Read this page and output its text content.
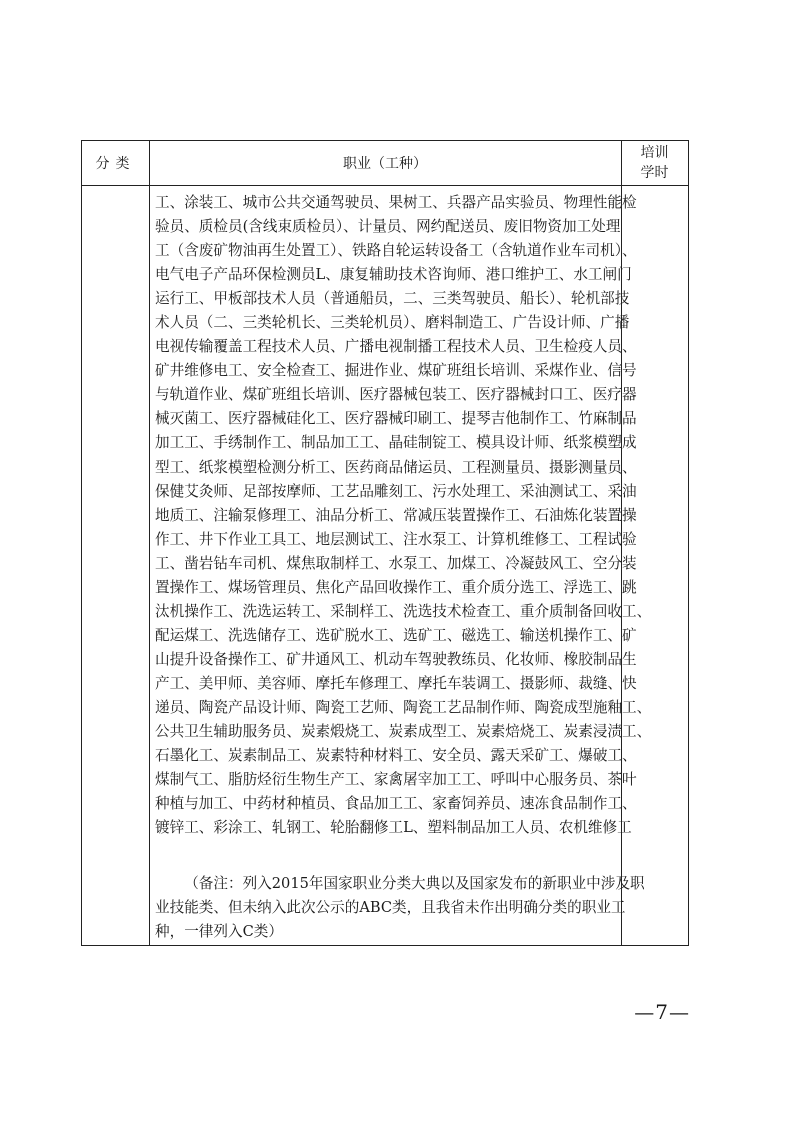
分类	职业（工种）
培训
学时
工、涂装工、城市公共交通驾驶员、果树工、兵器产品实验员、物理性能检
验员、质检员(含线束质检员）、计量员、网约配送员、废旧物资加工处理
工（含废矿物油再生处置工）、铁路自轮运转设备工（含轨道作业车司机）、
电气电子产品环保检测员L、康复辅助技术咨询师、港口维护工、水工闸门
运行工、甲板部技术人员（普通船员，二、三类驾驶员、船长）、轮机部技
术人员（二、三类轮机长、三类轮机员）、磨料制造工、广告设计师、广播
电视传输覆盖工程技术人员、广播电视制播工程技术人员、卫生检疫人员、
矿井维修电工、安全检查工、掘进作业、煤矿班组长培训、采煤作业、信号
与轨道作业、煤矿班组长培训、医疗器械包装工、医疗器械封口工、医疗器
械灭菌工、医疗器械硅化工、医疗器械印刷工、提琴吉他制作工、竹麻制品
加工工、手绣制作工、制品加工工、晶硅制锭工、模具设计师、纸浆模塑成
型工、纸浆模塑检测分析工、医药商品储运员、工程测量员、摄影测量员、
保健艾灸师、足部按摩师、工艺品雕刻工、污水处理工、采油测试工、采油
地质工、注输泵修理工、油品分析工、常减压装置操作工、石油炼化装置操
作工、井下作业工具工、地层测试工、注水泵工、计算机维修工、工程试验
工、凿岩钻车司机、煤焦取制样工、水泵工、加煤工、冷凝鼓风工、空分装
置操作工、煤场管理员、焦化产品回收操作工、重介质分选工、浮选工、跳
汰机操作工、洗选运转工、采制样工、洗选技术检查工、重介质制备回收工、
配运煤工、洗选储存工、选矿脱水工、选矿工、磁选工、输送机操作工、矿
山提升设备操作工、矿井通风工、机动车驾驶教练员、化妆师、橡胶制品生
产工、美甲师、美容师、摩托车修理工、摩托车装调工、摄影师、裁缝、快
递员、陶瓷产品设计师、陶瓷工艺师、陶瓷工艺品制作师、陶瓷成型施釉工、
公共卫生辅助服务员、炭素煅烧工、炭素成型工、炭素焙烧工、炭素浸渍工、
石墨化工、炭素制品工、炭素特种材料工、安全员、露天采矿工、爆破工、
煤制气工、脂肪烃衍生物生产工、家禽屠宰加工工、呼叫中心服务员、茶叶
种植与加工、中药材种植员、食品加工工、家畜饲养员、速冻食品制作工、
镀锌工、彩涂工、轧钢工、轮胎翻修工L、塑料制品加工人员、农机维修工
（备注：列入2015年国家职业分类大典以及国家发布的新职业中涉及职
业技能类、但未纳入此次公示的ABC类，且我省未作出明确分类的职业工
种，一律列入C类）
—7—
